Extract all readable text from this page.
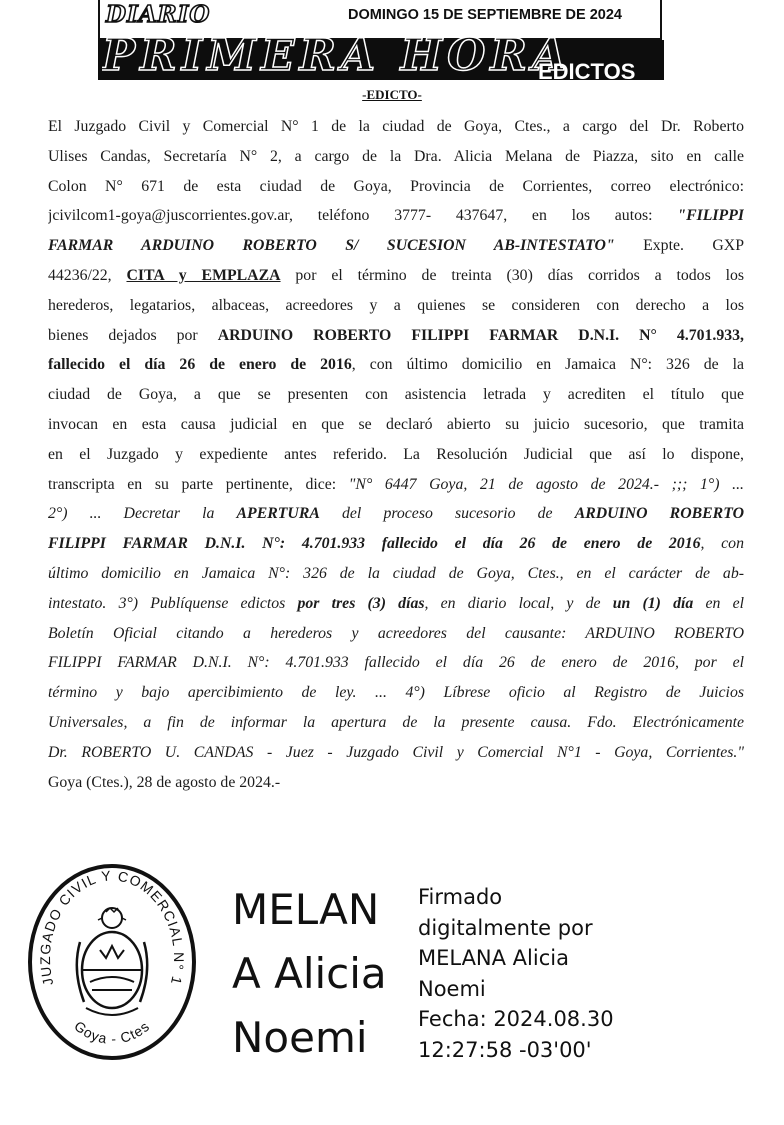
DIARIO	DOMINGO 15 DE SEPTIEMBRE DE 2024
PRIMERA HORA
EDICTOS
-EDICTO-
El Juzgado Civil y Comercial N° 1 de la ciudad de Goya, Ctes., a cargo del Dr. Roberto
Ulises Candas, Secretaría N° 2, a cargo de la Dra. Alicia Melana de Piazza, sito en calle
Colon N° 671 de esta ciudad de Goya, Provincia de Corrientes, correo electrónico:
jcivilcom1-goya@juscorrientes.gov.ar, teléfono 3777- 437647, en los autos: "FILIPPI
FARMAR ARDUINO ROBERTO S/ SUCESION AB-INTESTATO" Expte. GXP
44236/22, CITA y EMPLAZA por el término de treinta (30) días corridos a todos los
herederos, legatarios, albaceas, acreedores y a quienes se consideren con derecho a los
bienes dejados por ARDUINO ROBERTO FILIPPI FARMAR D.N.I. N° 4.701.933,
fallecido el día 26 de enero de 2016, con último domicilio en Jamaica N°: 326 de la
ciudad de Goya, a que se presenten con asistencia letrada y acrediten el título que
invocan en esta causa judicial en que se declaró abierto su juicio sucesorio, que tramita
en el Juzgado y expediente antes referido. La Resolución Judicial que así lo dispone,
transcripta en su parte pertinente, dice: "N° 6447 Goya, 21 de agosto de 2024.- ;;; 1°) ...
2°) ... Decretar la APERTURA del proceso sucesorio de ARDUINO ROBERTO
FILIPPI FARMAR D.N.I. N°: 4.701.933 fallecido el día 26 de enero de 2016, con
último domicilio en Jamaica N°: 326 de la ciudad de Goya, Ctes., en el carácter de ab-
intestato. 3°) Publíquense edictos por tres (3) días, en diario local, y de un (1) día en el
Boletín Oficial citando a herederos y acreedores del causante: ARDUINO ROBERTO
FILIPPI FARMAR D.N.I. N°: 4.701.933 fallecido el día 26 de enero de 2016, por el
término y bajo apercibimiento de ley. ... 4°) Líbrese oficio al Registro de Juicios
Universales, a fin de informar la apertura de la presente causa. Fdo. Electrónicamente
Dr. ROBERTO U. CANDAS - Juez - Juzgado Civil y Comercial N°1 - Goya, Corrientes."
Goya (Ctes.), 28 de agosto de 2024.-
JUZGADO CIVIL Y COMERCIAL N° 1
Goya - Ctes
MELAN
A Alicia
Noemi
Firmado
digitalmente por
MELANA Alicia
Noemi
Fecha: 2024.08.30
12:27:58 -03'00'
